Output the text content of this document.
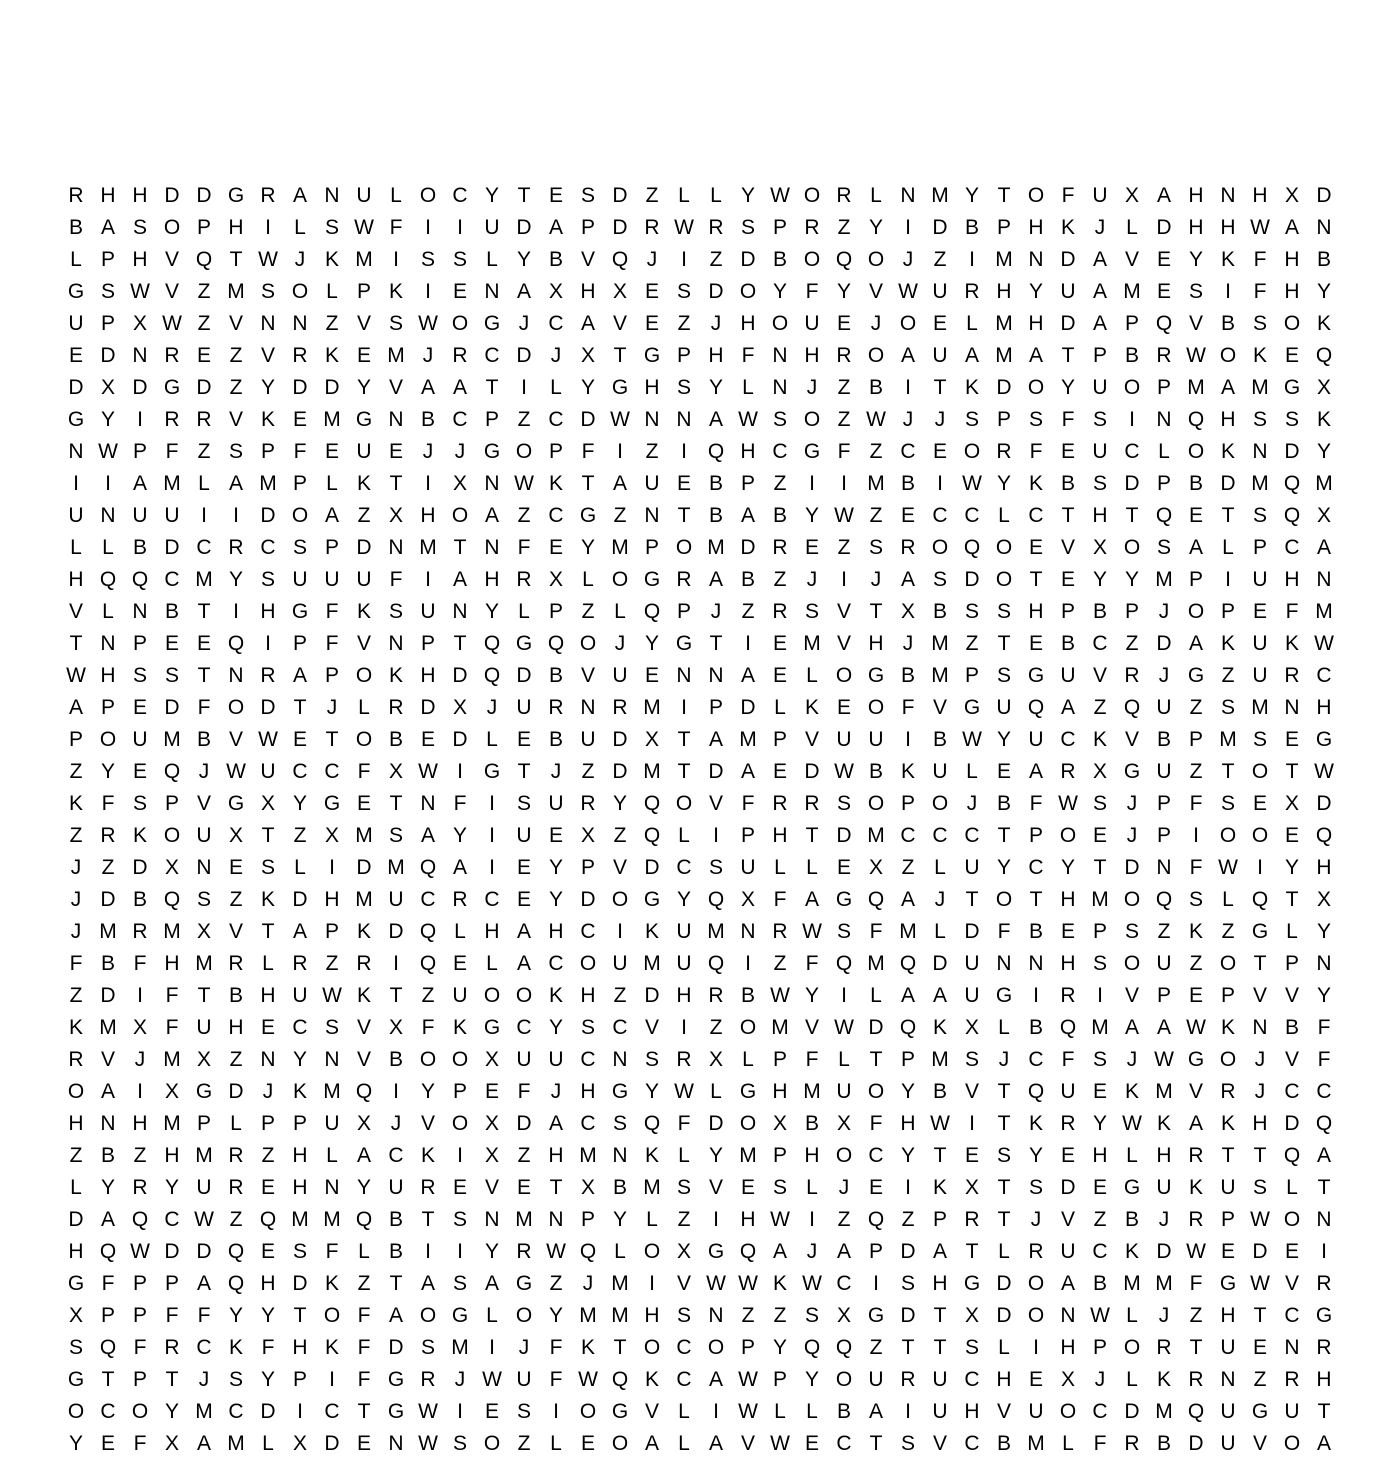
R H H D D G R A N U L O C Y T E S D Z L L Y W O R L N M Y T O F U X A H N H X D
B A S O P H	I	L S W F	I	I	U D A P D R W R S P R Z Y	I	D B P H K J L D H H W A N
L P H V Q T W J K M I	S S L Y B V Q J	I	Z D B O Q O J Z	I M N D A V E Y K F H B
G S W V Z M S O L P K	I	E N A X H X E S D O Y F Y V W U R H Y U A M E S	I	F H Y
U P X W Z V N N Z V S W O G J C A V E Z J H O U E J O E L M H D A P Q V B S O K
E D N R E Z V R K E M J R C D J X T G P H F N H R O A U A M A T P B R W O K E Q
D X D G D Z Y D D Y V A A T	I	L Y G H S Y L N J Z B	I	T K D O Y U O P M A M G X
G Y	I	R R V K E M G N B C P Z C D W N N A W S O Z W J	J S P S F S	I	N Q H S S K
N W P F Z S P F E U E J	J G O P F	I	Z	I Q H C G F Z C E O R F E U C L O K N D Y
I	I	A M L A M P L K T	I	X N W K T A U E B P Z	I	I M B	I W Y K B S D P B D M Q M
U N U U	I	I	D O A Z X H O A Z C G Z N T B A B Y W Z E C C L C T H T Q E T S Q X
L L B D C R C S P D N M T N F E Y M P O M D R E Z S R O Q O E V X O S A L P C A
H Q Q C M Y S U U U F	I	A H R X L O G R A B Z J	I	J A S D O T E Y Y M P	I	U H N
V L N B T	I	H G F K S U N Y L P Z L Q P J Z R S V T X B S S H P B P J O P E F M
T N P E E Q I	P F V N P T Q G Q O J Y G T	I	E M V H J M Z T E B C Z D A K U K W
W H S S T N R A P O K H D Q D B V U E N N A E L O G B M P S G U V R J G Z U R C
A P E D F O D T J L R D X J U R N R M I	P D L K E O F V G U Q A Z Q U Z S M N H
P O U M B V W E T O B E D L E B U D X T A M P V U U	I	B W Y U C K V B P M S E G
Z Y E Q J W U C C F X W I G T J Z D M T D A E D W B K U L E A R X G U Z T O T W
K F S P V G X Y G E T N F	I	S U R Y Q O V F R R S O P O J B F W S J P F S E X D
Z R K O U X T Z X M S A Y	I	U E X Z Q L	I	P H T D M C C C T P O E J P	I O O E Q
J Z D X N E S L	I	D M Q A	I	E Y P V D C S U L L E X Z L U Y C Y T D N F W I	Y H
J D B Q S Z K D H M U C R C E Y D O G Y Q X F A G Q A J T O T H M O Q S L Q T X
J M R M X V T A P K D Q L H A H C	I	K U M N R W S F M L D F B E P S Z K Z G L Y
F B F H M R L R Z R	I Q E L A C O U M U Q I	Z F Q M Q D U N N H S O U Z O T P N
Z D	I	F T B H U W K T Z U O O K H Z D H R B W Y	I	L A A U G I	R	I	V P E P V V Y
K M X F U H E C S V X F K G C Y S C V	I	Z O M V W D Q K X L B Q M A A W K N B F
R V J M X Z N Y N V B O O X U U C N S R X L P F L T P M S J C F S J W G O J V F
O A	I	X G D J K M Q I	Y P E F J H G Y W L G H M U O Y B V T Q U E K M V R J C C
H N H M P L P P U X J V O X D A C S Q F D O X B X F H W I	T K R Y W K A K H D Q
Z B Z H M R Z H L A C K	I	X Z H M N K L Y M P H O C Y T E S Y E H L H R T T Q A
L Y R Y U R E H N Y U R E V E T X B M S V E S L J E	I	K X T S D E G U K U S L T
D A Q C W Z Q M M Q B T S N M N P Y L Z	I	H W I	Z Q Z P R T J V Z B J R P W O N
H Q W D D Q E S F L B	I	I	Y R W Q L O X G Q A J A P D A T L R U C K D W E D E	I
G F P P A Q H D K Z T A S A G Z J M I	V W W K W C	I	S H G D O A B M M F G W V R
X P P F F Y Y T O F A O G L O Y M M H S N Z Z S X G D T X D O N W L J Z H T C G
S Q F R C K F H K F D S M I	J F K T O C O P Y Q Q Z T T S L	I	H P O R T U E N R
G T P T J S Y P	I	F G R J W U F W Q K C A W P Y O U R U C H E X J L K R N Z R H
O C O Y M C D	I	C T G W I	E S	I O G V L	I W L L B A	I	U H V U O C D M Q U G U T
Y E F X A M L X D E N W S O Z L E O A L A V W E C T S V C B M L F R B D U V O A
